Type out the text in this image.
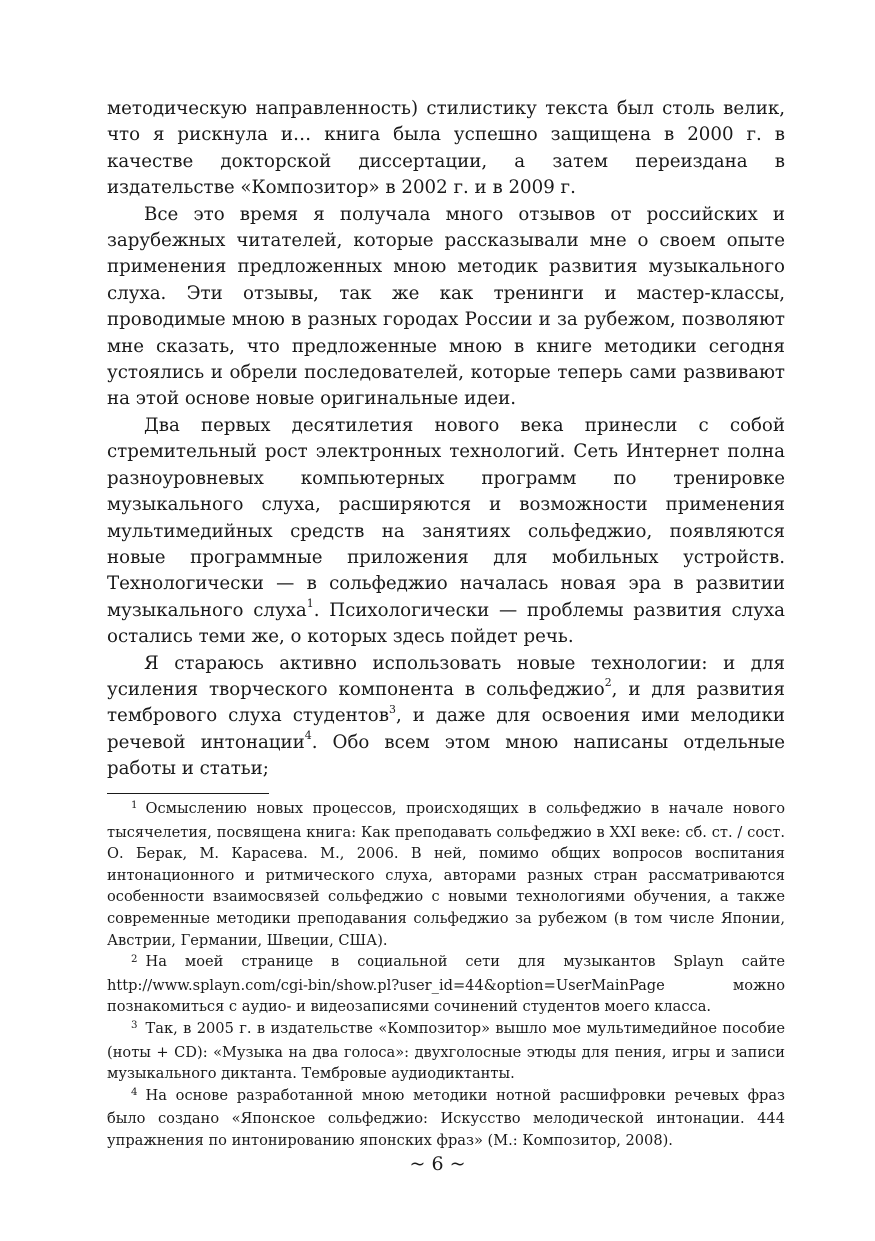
методическую направленность) стилистику текста был столь велик, что я рискнула и… книга была успешно защищена в 2000 г. в качестве докторской диссертации, а затем переиздана в издательстве «Композитор» в 2002 г. и в 2009 г.

Все это время я получала много отзывов от российских и зарубежных читателей, которые рассказывали мне о своем опыте применения предложенных мною методик развития музыкального слуха. Эти отзывы, так же как тренинги и мастер-классы, проводимые мною в разных городах России и за рубежом, позволяют мне сказать, что предложенные мною в книге методики сегодня устоялись и обрели последователей, которые теперь сами развивают на этой основе новые оригинальные идеи.

Два первых десятилетия нового века принесли с собой стремительный рост электронных технологий. Сеть Интернет полна разноуровневых компьютерных программ по тренировке музыкального слуха, расширяются и возможности применения мультимедийных средств на занятиях сольфеджио, появляются новые программные приложения для мобильных устройств. Технологически — в сольфеджио началась новая эра в развитии музыкального слуха$^1$. Психологически — проблемы развития слуха остались теми же, о которых здесь пойдет речь.

Я стараюсь активно использовать новые технологии: и для усиления творческого компонента в сольфеджио$^2$, и для развития тембрового слуха студентов$^3$, и даже для освоения ими мелодики речевой интонации$^4$. Обо всем этом мною написаны отдельные работы и статьи;

$^1$ Осмыслению новых процессов, происходящих в сольфеджио в начале нового тысячелетия, посвящена книга: Как преподавать сольфеджио в XXI веке: сб. ст. / сост. О. Берак, М. Карасева. М., 2006. В ней, помимо общих вопросов воспитания интонационного и ритмического слуха, авторами разных стран рассматриваются особенности взаимосвязей сольфеджио с новыми технологиями обучения, а также современные методики преподавания сольфеджио за рубежом (в том числе Японии, Австрии, Германии, Швеции, США).

$^2$ На моей странице в социальной сети для музыкантов Splayn сайте http://www.splayn.com/cgi-bin/show.pl?user_id=44&option=UserMainPage можно познакомиться с аудио- и видеозаписями сочинений студентов моего класса.

$^3$ Так, в 2005 г. в издательстве «Композитор» вышло мое мультимедийное пособие (ноты + CD): «Музыка на два голоса»: двухголосные этюды для пения, игры и записи музыкального диктанта. Тембровые аудиодиктанты.

$^4$ На основе разработанной мною методики нотной расшифровки речевых фраз было создано «Японское сольфеджио: Искусство мелодической интонации. 444 упражнения по интонированию японских фраз» (М.: Композитор, 2008).

~ 6 ~
